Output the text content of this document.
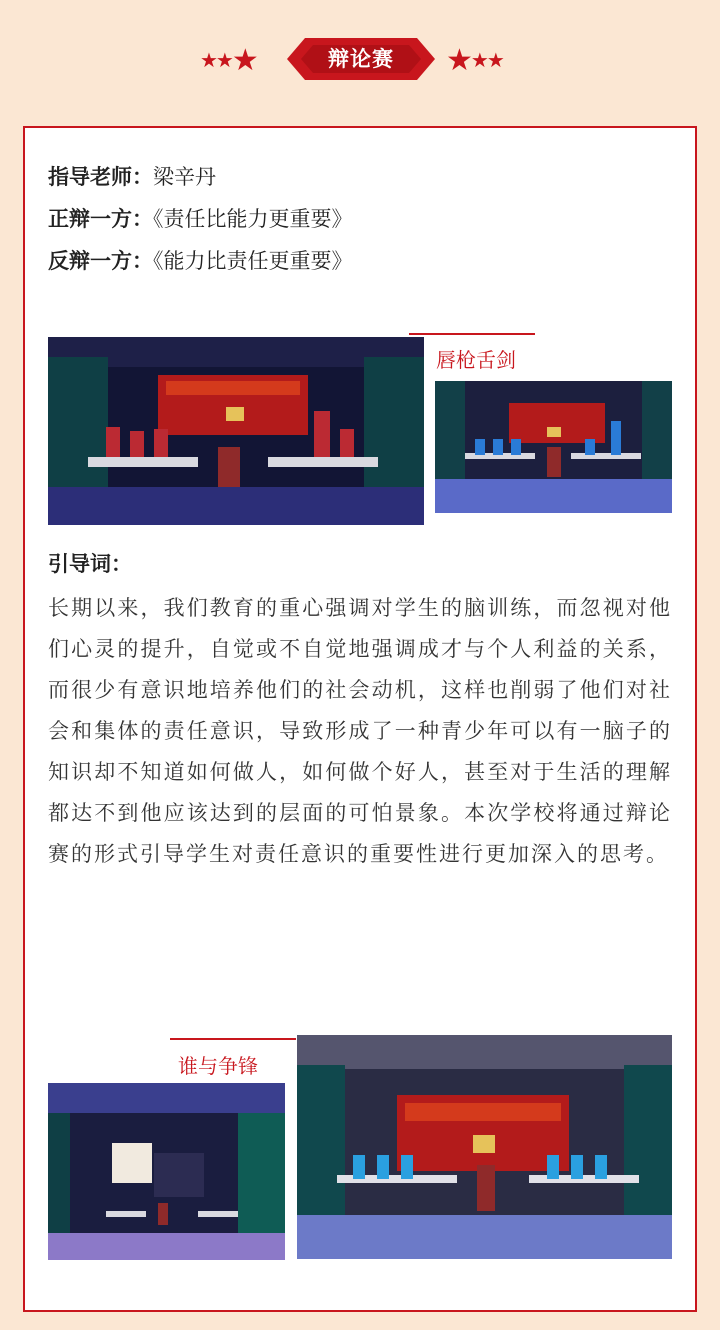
★★★	辩论赛	★★★
指导老师：梁辛丹
正辩一方：《责任比能力更重要》
反辩一方：《能力比责任更重要》
唇枪舌剑
引导词：
长期以来，我们教育的重心强调对学生的脑训练，而忽视对他们心灵的提升，自觉或不自觉地强调成才与个人利益的关系，而很少有意识地培养他们的社会动机，这样也削弱了他们对社会和集体的责任意识，导致形成了一种青少年可以有一脑子的知识却不知道如何做人，如何做个好人，甚至对于生活的理解都达不到他应该达到的层面的可怕景象。本次学校将通过辩论赛的形式引导学生对责任意识的重要性进行更加深入的思考。
谁与争锋
